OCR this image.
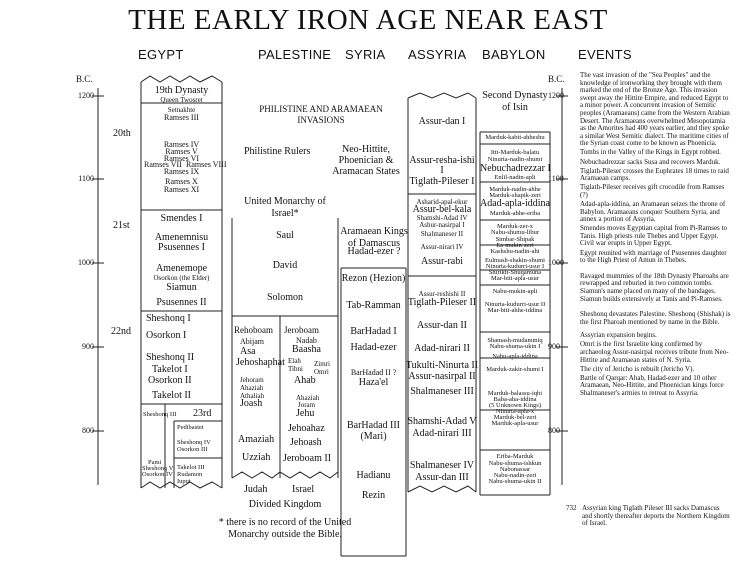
THE EARLY IRON AGE NEAR EAST
EGYPT	PALESTINE SYRIA ASSYRIA BABYLON EVENTS
B.C.	B.C.
1200
1100
1000
900
800
1200
1100
1000
900
800
19th Dynasty
Queen Twosret
20th
Setnakhte
Ramses III
Ramses IV
Ramses V
Ramses VI
Ramses VII Ramses VIII
Ramses IX
Ramses X
Ramses XI
21st
Smendes I
Amenemnisu
Psusennes I
Amenemope
Osorkon (the Elder)
Siamun
Psusennes II
22nd
Sheshonq I
Osorkon I
Sheshonq II
Takelot I
Osorkon II
Takelot II
23rd
Sheshonq III
Pedibastet
Sheshonq IV
Osorkon III
Pami
Sheshonq V
Osorkon IV
Takelot III
Rudamon
Iuput
PHILISTINE AND ARAMAEAN INVASIONS
Philistine Rulers	Neo-Hittite, Phoenician & Aramacan States
United Monarchy of Israel*
Saul
David
Solomon
Rehoboam
Abijam
Asa
Jehoshaphat
Jehoram
Ahaziah
Athaliah
Joash
Amaziah
Uzziah
Jeroboam
Nadab
Baasha
Elah Zimri
Tibni Omri
Ahab
Ahaziah
Joram
Jehu
Jehoahaz
Jehoash
Jeroboam II
Judah Israel
Divided Kingdom
* there is no record of the United Monarchy outside the Bible.
Aramaean Kings of Damascus
Hadad-ezer ?
Rezon (Hezion)
Tab-Ramman
BarHadad I
Hadad-ezer
BarHadad II ?
Haza'el
BarHadad III (Mari)
Hadianu
Rezin
Assur-dan I
Assur-resha-ishi I
Tiglath-Pileser I
Asharid-apal-ekur
Assur-bel-kala
Shamshi-Adad IV
Ashur-nasirpal I
Shalmaneser II
Assur-nirari IV
Assur-rabi
Assur-reshishi II
Tiglath-Pileser II
Assur-dan II
Adad-nirari II
Tukulti-Ninurta II
Assur-nasirpal II
Shalmaneser III
Shamshi-Adad V
Adad-nirari III
Shalmaneser IV
Assur-dan III
Second Dynasty of Isin
Marduk-kabit-ahheshu
Itti-Marduk-balatu
Ninurta-nadin-shumi
Nebuchadrezzar I
Enlil-nadin-apli
Marduk-nadin-ahhe
Marduk-shapik-zeri
Adad-apla-iddina
Marduk-ahhe-eriba
Marduk-zer-x
Nabu-shumu-libur
Simbar-Shipak
Ea-mukin-zeri
Kashshu-nadin-ahi
Eulmash-shakin-shumi
Ninurta-kudurri-usur I
Shirikti-Shuqamuna
Mar-biti-apla-usur
Nabu-mukin-apli
Ninurta-kudurri-usur II
Mar-biti-ahhe-iddina
Shamash-mudammiq
Nabu-shuma-ukin I
Nabu-apla-iddina
Marduk-zakir-shumi I
Marduk-balassu-iqbi
Baba-aha-iddina
(5 Unknown Kings)
Ninurta-apla-x
Marduk-bel-zeri
Marduk-apla-usur
Eriba-Marduk
Nabu-shuma-ishkun
Nabonassar
Nabu-nadin-zeri
Nabu-shuma-ukin II

The vast invasion of the "Sea Peoples" and the knowledge of ironworking they brought with them marked the end of the Bronze Age. This invasion swept away the Hittite Empire, and reduced Egypt to a minor power. A concurrent invasion of Semitic peoples (Aramaeans) came from the Western Arabian Desert. The Aramaeans overwhelmed Mesopotamia as the Amorites had 400 years earlier, and they spoke a similar West Semitic dialect. The maritime cities of the Syrian coast come to be known as Phoenicia.

Tombs in the Valley of the Kings in Egypt robbed.

Nebuchadrezzar sacks Susa and recovers Marduk.

Tiglath-Pileser crosses the Euphrates 18 times to raid Aramaean camps.

Tiglath-Pileser receives gift crocodile from Ramses (?)

Adad-apla-iddina, an Aramaean seizes the throne of Babylon. Aramaeans conquer Southern Syria, and annex a portion of Assyria.

Smendes moves Egyptian capital from Pi-Ramses to Tanis. High priests rule Thebes and Upper Egypt. Civil war erupts in Upper Egypt.

Egypt reunited with marriage of Psusennes daughter to the High Priest of Amun in Thebes.

Ravaged mummies of the 18th Dynasty Pharoahs are rewrapped and reburied in two common tombs. Siamun's name placed on many of the bandages. Siamun builds extensively at Tanis and Pi-Ramses.

Sheshonq devastates Palestine. Sheshonq (Shishak) is the first Pharoah mentioned by name in the Bible.

Assyrian expansion begins.

Omri is the first Israelite king confirmed by archaeolog Assur-nasirpal receives tribute from Neo-Hittite and Aramaean states of N. Syria.

The city of Jericho is rebuilt (Jericho V).

Battle of Qarqar: Ahab, Hadad-ezer and 10 other Aramaean, Neo-Hittite, and Phoenician kings force Shalmaneser's armies to retreat to Assyria.

732 Assyrian king Tiglath Pileser III sacks Damascus and shortly thereafter deports the Northern Kingdom of Israel.
